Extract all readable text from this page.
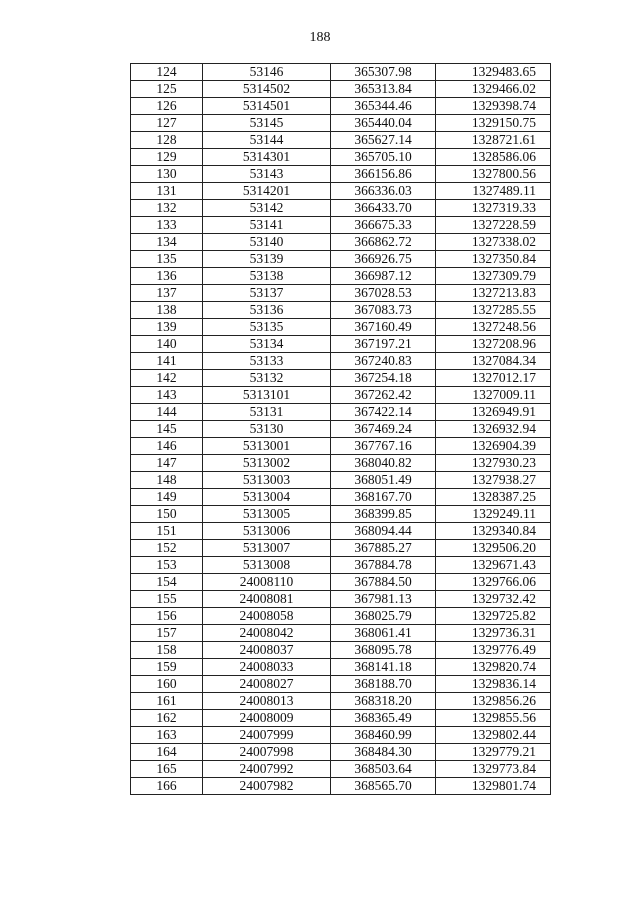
188
124	53146	365307.98	1329483.65
125	5314502	365313.84	1329466.02
126	5314501	365344.46	1329398.74
127	53145	365440.04	1329150.75
128	53144	365627.14	1328721.61
129	5314301	365705.10	1328586.06
130	53143	366156.86	1327800.56
131	5314201	366336.03	1327489.11
132	53142	366433.70	1327319.33
133	53141	366675.33	1327228.59
134	53140	366862.72	1327338.02
135	53139	366926.75	1327350.84
136	53138	366987.12	1327309.79
137	53137	367028.53	1327213.83
138	53136	367083.73	1327285.55
139	53135	367160.49	1327248.56
140	53134	367197.21	1327208.96
141	53133	367240.83	1327084.34
142	53132	367254.18	1327012.17
143	5313101	367262.42	1327009.11
144	53131	367422.14	1326949.91
145	53130	367469.24	1326932.94
146	5313001	367767.16	1326904.39
147	5313002	368040.82	1327930.23
148	5313003	368051.49	1327938.27
149	5313004	368167.70	1328387.25
150	5313005	368399.85	1329249.11
151	5313006	368094.44	1329340.84
152	5313007	367885.27	1329506.20
153	5313008	367884.78	1329671.43
154	24008110	367884.50	1329766.06
155	24008081	367981.13	1329732.42
156	24008058	368025.79	1329725.82
157	24008042	368061.41	1329736.31
158	24008037	368095.78	1329776.49
159	24008033	368141.18	1329820.74
160	24008027	368188.70	1329836.14
161	24008013	368318.20	1329856.26
162	24008009	368365.49	1329855.56
163	24007999	368460.99	1329802.44
164	24007998	368484.30	1329779.21
165	24007992	368503.64	1329773.84
166	24007982	368565.70	1329801.74
